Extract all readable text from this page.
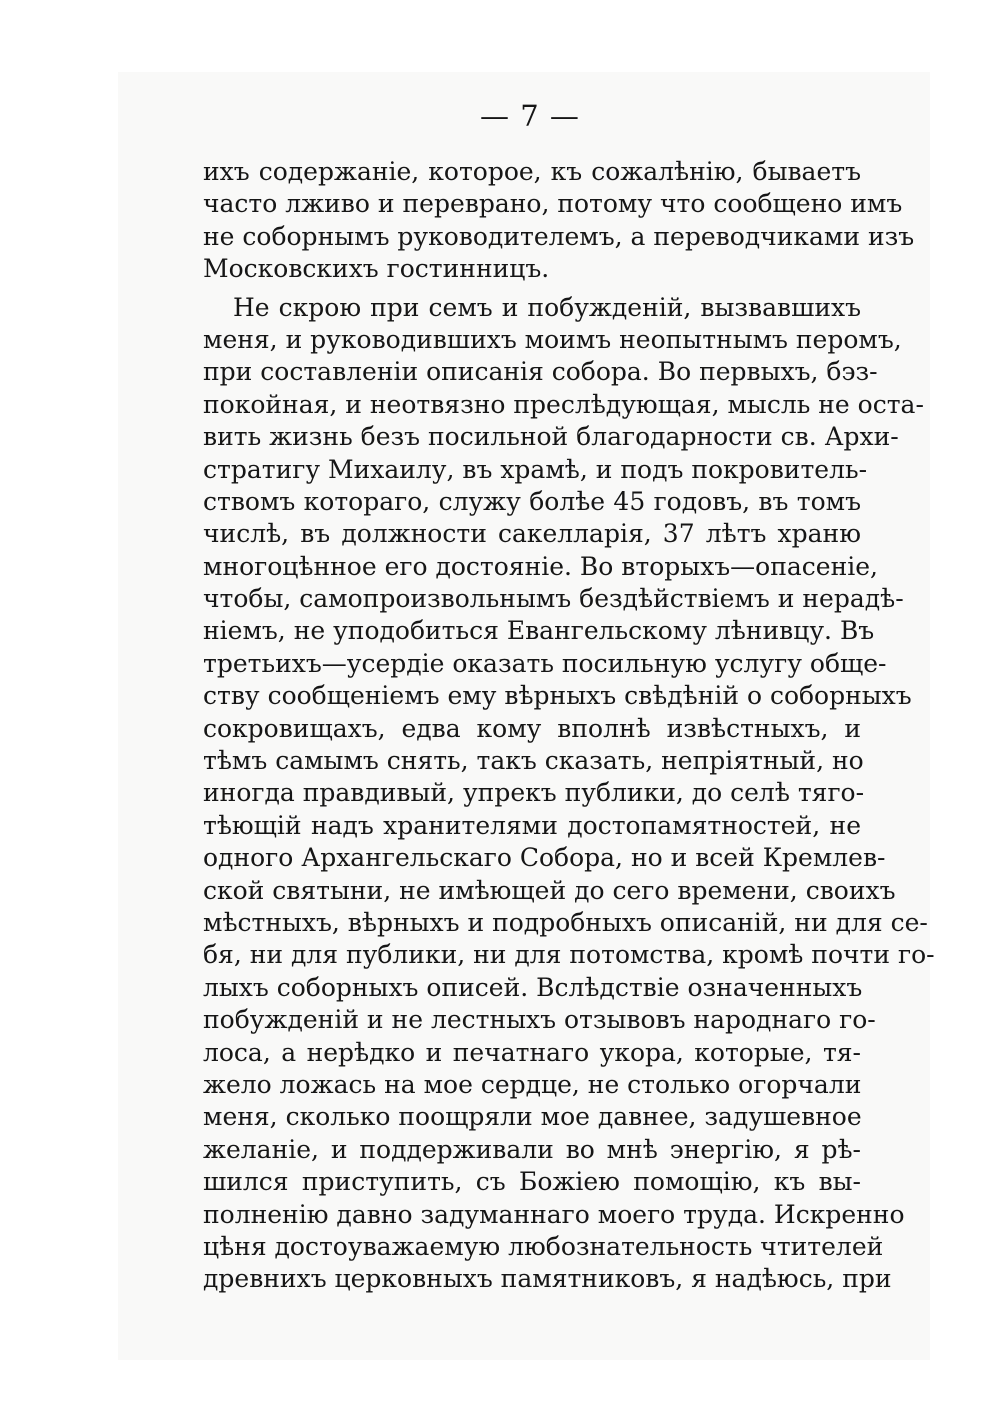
— 7 —
ихъ содержаніе, которое, къ сожалѣнію, бываетъ
часто лживо и переврано, потому что сообщено имъ
не соборнымъ руководителемъ, а переводчиками изъ
Московскихъ гостинницъ.
Не скрою при семъ и побужденій, вызвавшихъ
меня, и руководившихъ моимъ неопытнымъ перомъ,
при составленіи описанія собора. Во первыхъ, бэз-
покойная, и неотвязно преслѣдующая, мысль не оста-
вить жизнь безъ посильной благодарности св. Архи-
стратигу Михаилу, въ храмѣ, и подъ покровитель-
ствомъ котораго, служу болѣе 45 годовъ, въ томъ
числѣ, въ должности сакелларія, 37 лѣтъ храню
многоцѣнное его достояніе. Во вторыхъ—опасеніе,
чтобы, самопроизвольнымъ бездѣйствіемъ и нерадѣ-
ніемъ, не уподобиться Евангельскому лѣнивцу. Въ
третьихъ—усердіе оказать посильную услугу обще-
ству сообщеніемъ ему вѣрныхъ свѣдѣній о соборныхъ
сокровищахъ, едва кому вполнѣ извѣстныхъ, и
тѣмъ самымъ снять, такъ сказать, непріятный, но
иногда правдивый, упрекъ публики, до селѣ тяго-
тѣющій надъ хранителями достопамятностей, не
одного Архангельскаго Собора, но и всей Кремлев-
ской святыни, не имѣющей до сего времени, своихъ
мѣстныхъ, вѣрныхъ и подробныхъ описаній, ни для се-
бя, ни для публики, ни для потомства, кромѣ почти го-
лыхъ соборныхъ описей. Вслѣдствіе означенныхъ
побужденій и не лестныхъ отзывовъ народнаго го-
лоса, а нерѣдко и печатнаго укора, которые, тя-
жело ложась на мое сердце, не столько огорчали
меня, сколько поощряли мое давнее, задушевное
желаніе, и поддерживали во мнѣ энергію, я рѣ-
шился приступить, съ Божіею помощію, къ вы-
полненію давно задуманнаго моего труда. Искренно
цѣня достоуважаемую любознательность чтителей
древнихъ церковныхъ памятниковъ, я надѣюсь, при
